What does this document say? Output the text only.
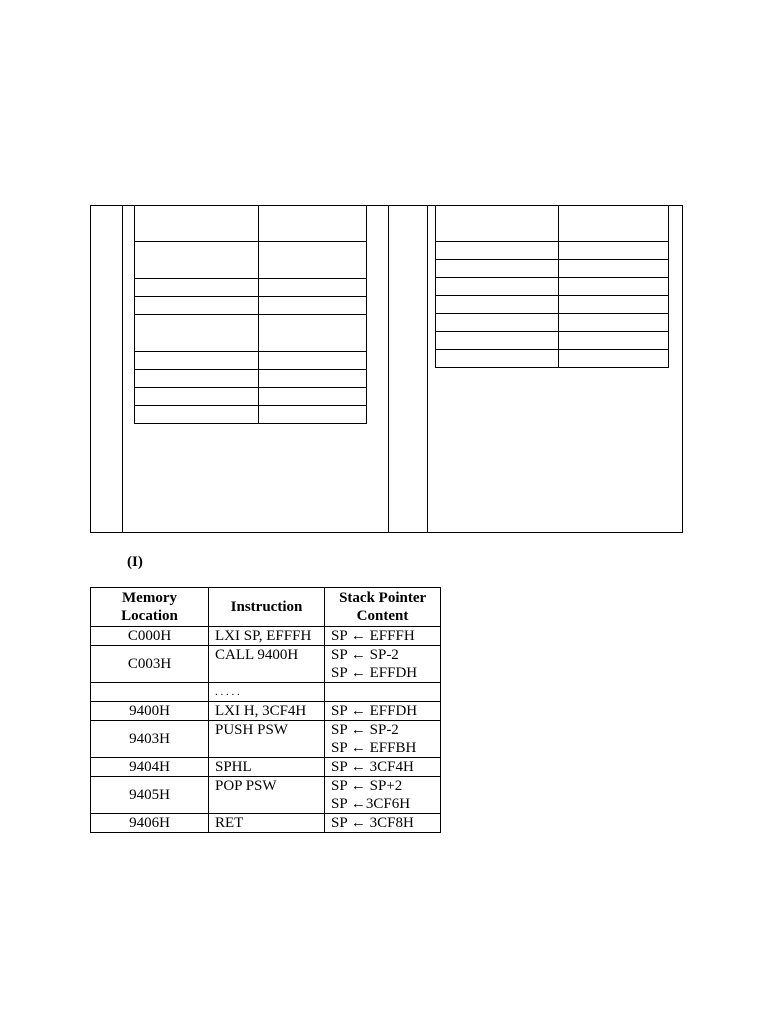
(I)
Memory Location	Instruction	Stack Pointer Content
C000H	LXI SP, EFFFH	SP ← EFFFH

C003H	CALL 9400H	SP ← SP-2
SP ← EFFDH

	. . . . .	
9400H	LXI H, 3CF4H	SP ← EFFDH

9403H	PUSH PSW	SP ← SP-2
SP ← EFFBH

9404H	SPHL	SP ← 3CF4H

9405H	POP PSW	SP ← SP+2
SP ←3CF6H

9406H	RET	SP ← 3CF8H
